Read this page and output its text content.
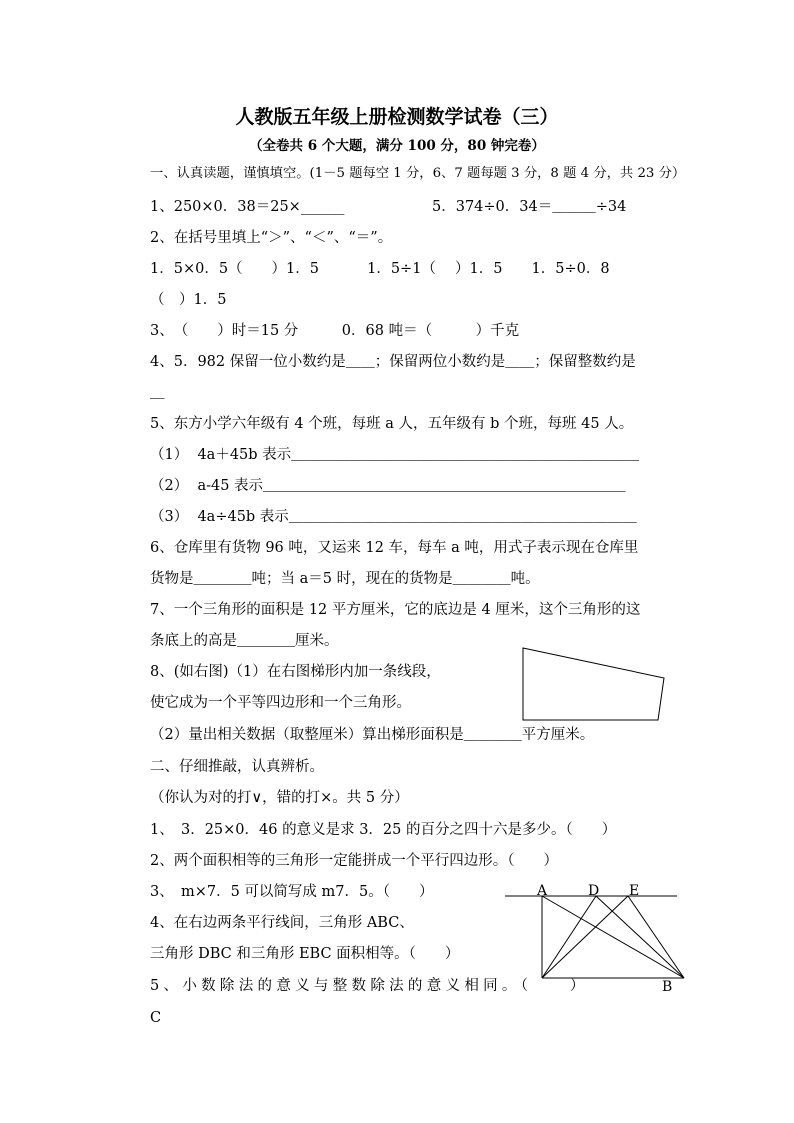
人教版五年级上册检测数学试卷（三）
（全卷共 6 个大题，满分 100 分，80 钟完卷）
一、认真读题，谨慎填空。(1－5 题每空 1 分，6、7 题每题 3 分，8 题 4 分，共 23 分）
1、250×0．38＝25×______	5．374÷0．34＝＿＿＿÷34
2、在括号里填上“＞”、“＜”、“＝”。
1．5×0．5（　　）1．5　　　 1．5÷1（　 ）1．5　　1．5÷0．8
（　）1．5
3、　（　　）时＝15 分　　　0．68 吨＝（　　　）千克
4、5．982 保留一位小数约是＿＿；保留两位小数约是＿＿；保留整数约是
＿
5、东方小学六年级有 4 个班，每班 a 人，五年级有 b 个班，每班 45 人。
（1）  4a＋45b 表示＿＿＿＿＿＿＿＿＿＿＿＿＿＿＿＿＿＿＿＿＿＿＿＿
（2）  a-45 表示＿＿＿＿＿＿＿＿＿＿＿＿＿＿＿＿＿＿＿＿＿＿＿＿＿
（3）  4a÷45b 表示＿＿＿＿＿＿＿＿＿＿＿＿＿＿＿＿＿＿＿＿＿＿＿＿
6、仓库里有货物 96 吨，又运来 12 车，每车 a 吨，用式子表示现在仓库里
货物是＿＿＿＿吨；当 a＝5 时，现在的货物是＿＿＿＿吨。
7、一个三角形的面积是 12 平方厘米，它的底边是 4 厘米，这个三角形的这
条底上的高是＿＿＿＿厘米。
8、(如右图)（1）在右图梯形内加一条线段，
使它成为一个平等四边形和一个三角形。
（2）量出相关数据（取整厘米）算出梯形面积是＿＿＿＿平方厘米。
二、仔细推敲，认真辨析。
（你认为对的打∨，错的打×。共 5 分）
1、　3．25×0．46 的意义是求 3．25 的百分之四十六是多少。（　　）
2、两个面积相等的三角形一定能拼成一个平行四边形。（　　）
3、　m×7．5 可以简写成 m7．5。（　　）
4、在右边两条平行线间，三角形 ABC、
三角形 DBC 和三角形 EBC 面积相等。（　　）
5、小数除法的意义与整数除法的意义相同。（　　）
C
A	D E
B
